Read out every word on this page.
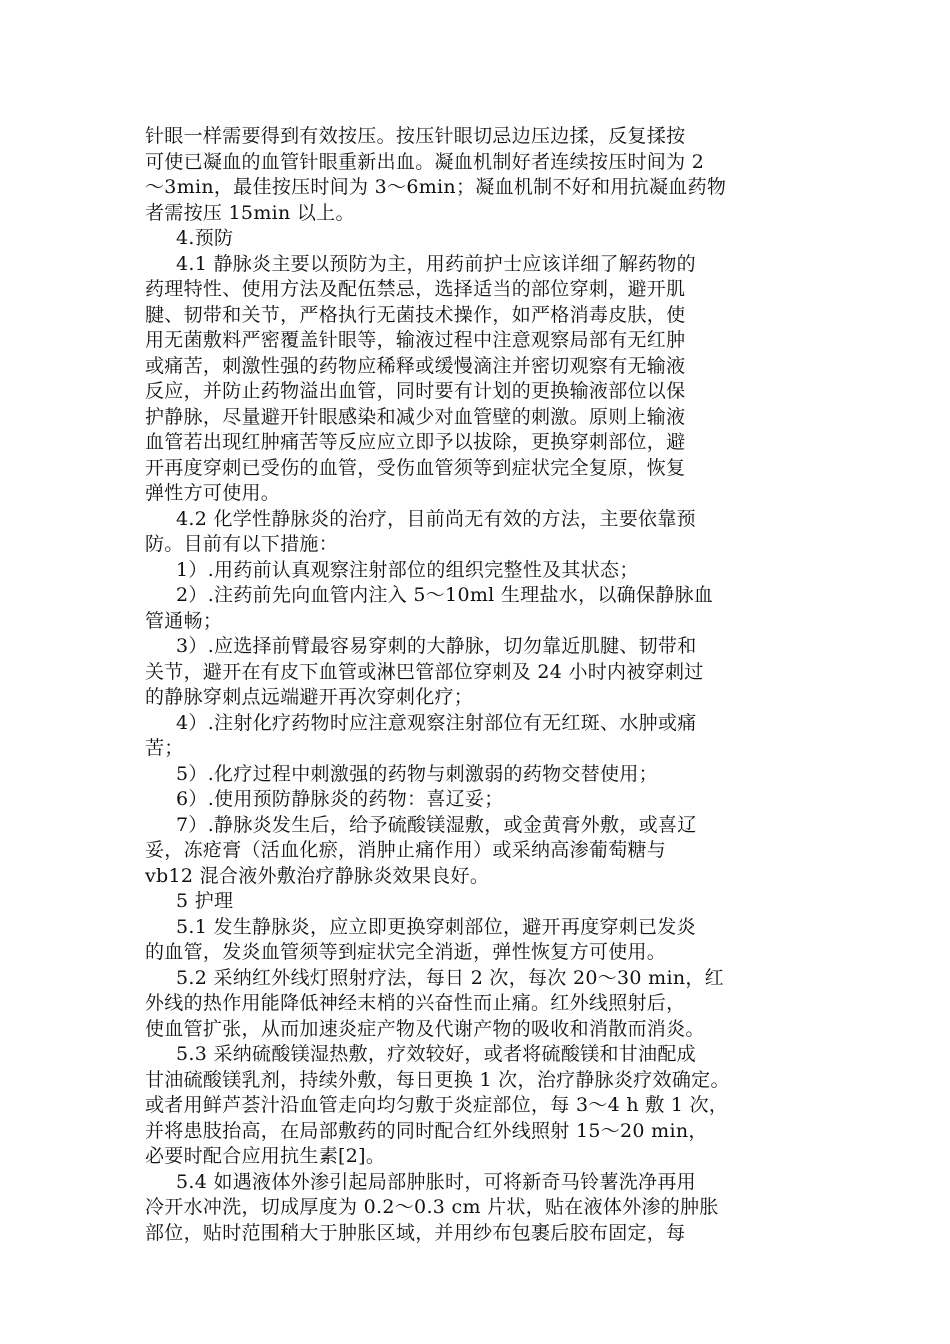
针眼一样需要得到有效按压。按压针眼切忌边压边揉，反复揉按
可使已凝血的血管针眼重新出血。凝血机制好者连续按压时间为 2
～3min，最佳按压时间为 3～6min；凝血机制不好和用抗凝血药物
者需按压 15min 以上。
4.预防
4.1 静脉炎主要以预防为主，用药前护士应该详细了解药物的
药理特性、使用方法及配伍禁忌，选择适当的部位穿刺，避开肌
腱、韧带和关节，严格执行无菌技术操作，如严格消毒皮肤，使
用无菌敷料严密覆盖针眼等，输液过程中注意观察局部有无红肿
或痛苦，刺激性强的药物应稀释或缓慢滴注并密切观察有无输液
反应，并防止药物溢出血管，同时要有计划的更换输液部位以保
护静脉，尽量避开针眼感染和减少对血管壁的刺激。原则上输液
血管若出现红肿痛苦等反应应立即予以拔除，更换穿刺部位，避
开再度穿刺已受伤的血管，受伤血管须等到症状完全复原，恢复
弹性方可使用。
4.2 化学性静脉炎的治疗，目前尚无有效的方法，主要依靠预
防。目前有以下措施：
1）.用药前认真观察注射部位的组织完整性及其状态；
2）.注药前先向血管内注入 5～10ml 生理盐水，以确保静脉血
管通畅；
3）.应选择前臂最容易穿刺的大静脉，切勿靠近肌腱、韧带和
关节，避开在有皮下血管或淋巴管部位穿刺及 24 小时内被穿刺过
的静脉穿刺点远端避开再次穿刺化疗；
4）.注射化疗药物时应注意观察注射部位有无红斑、水肿或痛
苦；
5）.化疗过程中刺激强的药物与刺激弱的药物交替使用；
6）.使用预防静脉炎的药物：喜辽妥；
7）.静脉炎发生后，给予硫酸镁湿敷，或金黄膏外敷，或喜辽
妥，冻疮膏（活血化瘀，消肿止痛作用）或采纳高渗葡萄糖与
vb12 混合液外敷治疗静脉炎效果良好。
5 护理
5.1 发生静脉炎，应立即更换穿刺部位，避开再度穿刺已发炎
的血管，发炎血管须等到症状完全消逝，弹性恢复方可使用。
5.2 采纳红外线灯照射疗法，每日 2 次，每次 20～30 min，红
外线的热作用能降低神经末梢的兴奋性而止痛。红外线照射后，
使血管扩张，从而加速炎症产物及代谢产物的吸收和消散而消炎。
5.3 采纳硫酸镁湿热敷，疗效较好，或者将硫酸镁和甘油配成
甘油硫酸镁乳剂，持续外敷，每日更换 1 次，治疗静脉炎疗效确定。
或者用鲜芦荟汁沿血管走向均匀敷于炎症部位，每 3～4 h 敷 1 次，
并将患肢抬高，在局部敷药的同时配合红外线照射 15～20 min，
必要时配合应用抗生素[2]。
5.4 如遇液体外渗引起局部肿胀时，可将新奇马铃薯洗净再用
冷开水冲洗，切成厚度为 0.2～0.3 cm 片状，贴在液体外渗的肿胀
部位，贴时范围稍大于肿胀区域，并用纱布包裹后胶布固定，每
